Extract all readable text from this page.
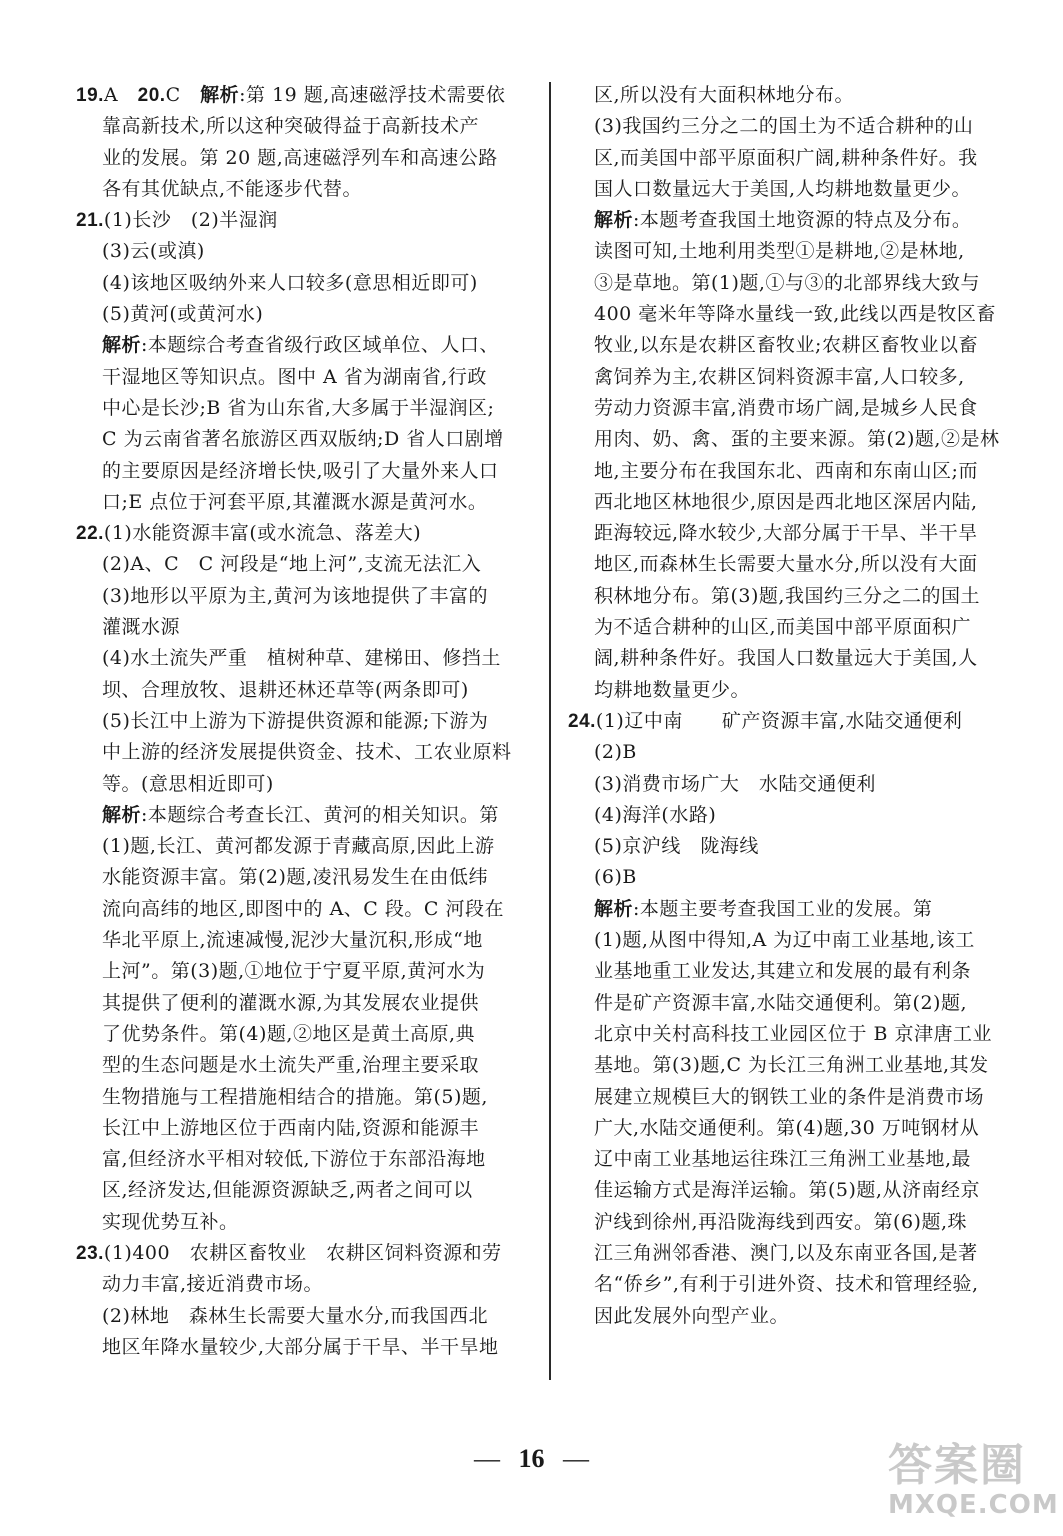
19.A　20.C　解析:第 19 题,高速磁浮技术需要依
靠高新技术,所以这种突破得益于高新技术产
业的发展。第 20 题,高速磁浮列车和高速公路
各有其优缺点,不能逐步代替。
21.(1)长沙　(2)半湿润
(3)云(或滇)
(4)该地区吸纳外来人口较多(意思相近即可)
(5)黄河(或黄河水)
解析:本题综合考查省级行政区域单位、人口、
干湿地区等知识点。图中 A 省为湖南省,行政
中心是长沙;B 省为山东省,大多属于半湿润区;
C 为云南省著名旅游区西双版纳;D 省人口剧增
的主要原因是经济增长快,吸引了大量外来人口
口;E 点位于河套平原,其灌溉水源是黄河水。
22.(1)水能资源丰富(或水流急、落差大)
(2)A、C　C 河段是“地上河”,支流无法汇入
(3)地形以平原为主,黄河为该地提供了丰富的
灌溉水源
(4)水土流失严重　植树种草、建梯田、修挡土
坝、合理放牧、退耕还林还草等(两条即可)
(5)长江中上游为下游提供资源和能源;下游为
中上游的经济发展提供资金、技术、工农业原料
等。(意思相近即可)
解析:本题综合考查长江、黄河的相关知识。第
(1)题,长江、黄河都发源于青藏高原,因此上游
水能资源丰富。第(2)题,凌汛易发生在由低纬
流向高纬的地区,即图中的 A、C 段。C 河段在
华北平原上,流速减慢,泥沙大量沉积,形成“地
上河”。第(3)题,①地位于宁夏平原,黄河水为
其提供了便利的灌溉水源,为其发展农业提供
了优势条件。第(4)题,②地区是黄土高原,典
型的生态问题是水土流失严重,治理主要采取
生物措施与工程措施相结合的措施。第(5)题,
长江中上游地区位于西南内陆,资源和能源丰
富,但经济水平相对较低,下游位于东部沿海地
区,经济发达,但能源资源缺乏,两者之间可以
实现优势互补。
23.(1)400　农耕区畜牧业　农耕区饲料资源和劳
动力丰富,接近消费市场。
(2)林地　森林生长需要大量水分,而我国西北
地区年降水量较少,大部分属于干旱、半干旱地
区,所以没有大面积林地分布。
(3)我国约三分之二的国土为不适合耕种的山
区,而美国中部平原面积广阔,耕种条件好。我
国人口数量远大于美国,人均耕地数量更少。
解析:本题考查我国土地资源的特点及分布。
读图可知,土地利用类型①是耕地,②是林地,
③是草地。第(1)题,①与③的北部界线大致与
400 毫米年等降水量线一致,此线以西是牧区畜
牧业,以东是农耕区畜牧业;农耕区畜牧业以畜
禽饲养为主,农耕区饲料资源丰富,人口较多,
劳动力资源丰富,消费市场广阔,是城乡人民食
用肉、奶、禽、蛋的主要来源。第(2)题,②是林
地,主要分布在我国东北、西南和东南山区;而
西北地区林地很少,原因是西北地区深居内陆,
距海较远,降水较少,大部分属于干旱、半干旱
地区,而森林生长需要大量水分,所以没有大面
积林地分布。第(3)题,我国约三分之二的国土
为不适合耕种的山区,而美国中部平原面积广
阔,耕种条件好。我国人口数量远大于美国,人
均耕地数量更少。
24.(1)辽中南　　矿产资源丰富,水陆交通便利
(2)B
(3)消费市场广大　水陆交通便利
(4)海洋(水路)
(5)京沪线　陇海线
(6)B
解析:本题主要考查我国工业的发展。第
(1)题,从图中得知,A 为辽中南工业基地,该工
业基地重工业发达,其建立和发展的最有利条
件是矿产资源丰富,水陆交通便利。第(2)题,
北京中关村高科技工业园区位于 B 京津唐工业
基地。第(3)题,C 为长江三角洲工业基地,其发
展建立规模巨大的钢铁工业的条件是消费市场
广大,水陆交通便利。第(4)题,30 万吨钢材从
辽中南工业基地运往珠江三角洲工业基地,最
佳运输方式是海洋运输。第(5)题,从济南经京
沪线到徐州,再沿陇海线到西安。第(6)题,珠
江三角洲邻香港、澳门,以及东南亚各国,是著
名“侨乡”,有利于引进外资、技术和管理经验,
因此发展外向型产业。
— 16 —	答案圈
MXQE.COM
